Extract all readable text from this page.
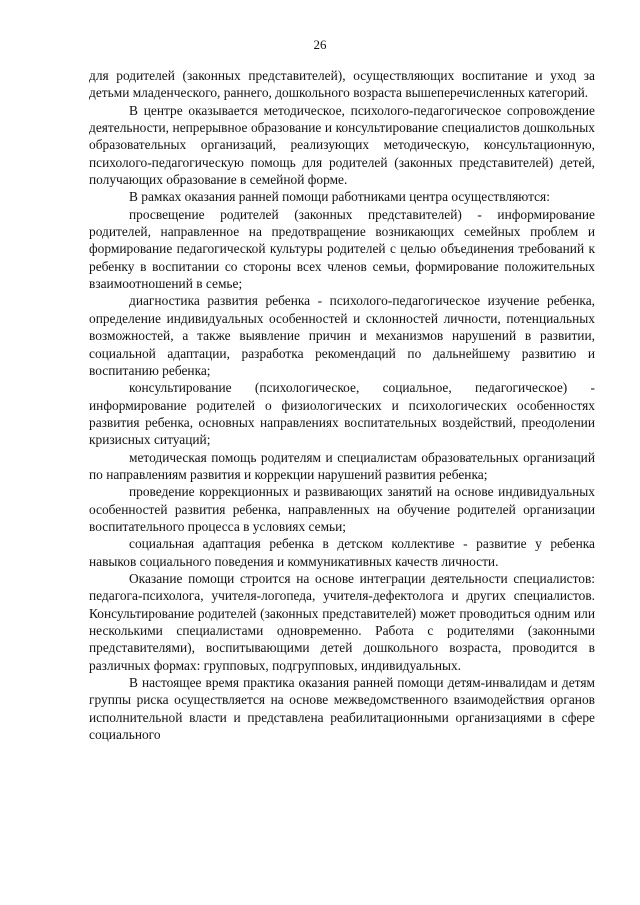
26

для родителей (законных представителей), осуществляющих воспитание и уход за детьми младенческого, раннего, дошкольного возраста вышеперечисленных категорий.

В центре оказывается методическое, психолого-педагогическое сопровождение деятельности, непрерывное образование и консультирование специалистов дошкольных образовательных организаций, реализующих методическую, консультационную, психолого-педагогическую помощь для родителей (законных представителей) детей, получающих образование в семейной форме.

В рамках оказания ранней помощи работниками центра осуществляются:

просвещение родителей (законных представителей) - информирование родителей, направленное на предотвращение возникающих семейных проблем и формирование педагогической культуры родителей с целью объединения требований к ребенку в воспитании со стороны всех членов семьи, формирование положительных взаимоотношений в семье;

диагностика развития ребенка - психолого-педагогическое изучение ребенка, определение индивидуальных особенностей и склонностей личности, потенциальных возможностей, а также выявление причин и механизмов нарушений в развитии, социальной адаптации, разработка рекомендаций по дальнейшему развитию и воспитанию ребенка;

консультирование (психологическое, социальное, педагогическое) - информирование родителей о физиологических и психологических особенностях развития ребенка, основных направлениях воспитательных воздействий, преодолении кризисных ситуаций;

методическая помощь родителям и специалистам образовательных организаций по направлениям развития и коррекции нарушений развития ребенка;

проведение коррекционных и развивающих занятий на основе индивидуальных особенностей развития ребенка, направленных на обучение родителей организации воспитательного процесса в условиях семьи;

социальная адаптация ребенка в детском коллективе - развитие у ребенка навыков социального поведения и коммуникативных качеств личности.

Оказание помощи строится на основе интеграции деятельности специалистов: педагога-психолога, учителя-логопеда, учителя-дефектолога и других специалистов. Консультирование родителей (законных представителей) может проводиться одним или несколькими специалистами одновременно. Работа с родителями (законными представителями), воспитывающими детей дошкольного возраста, проводится в различных формах: групповых, подгрупповых, индивидуальных.

В настоящее время практика оказания ранней помощи детям-инвалидам и детям группы риска осуществляется на основе межведомственного взаимодействия органов исполнительной власти и представлена реабилитационными организациями в сфере социального
